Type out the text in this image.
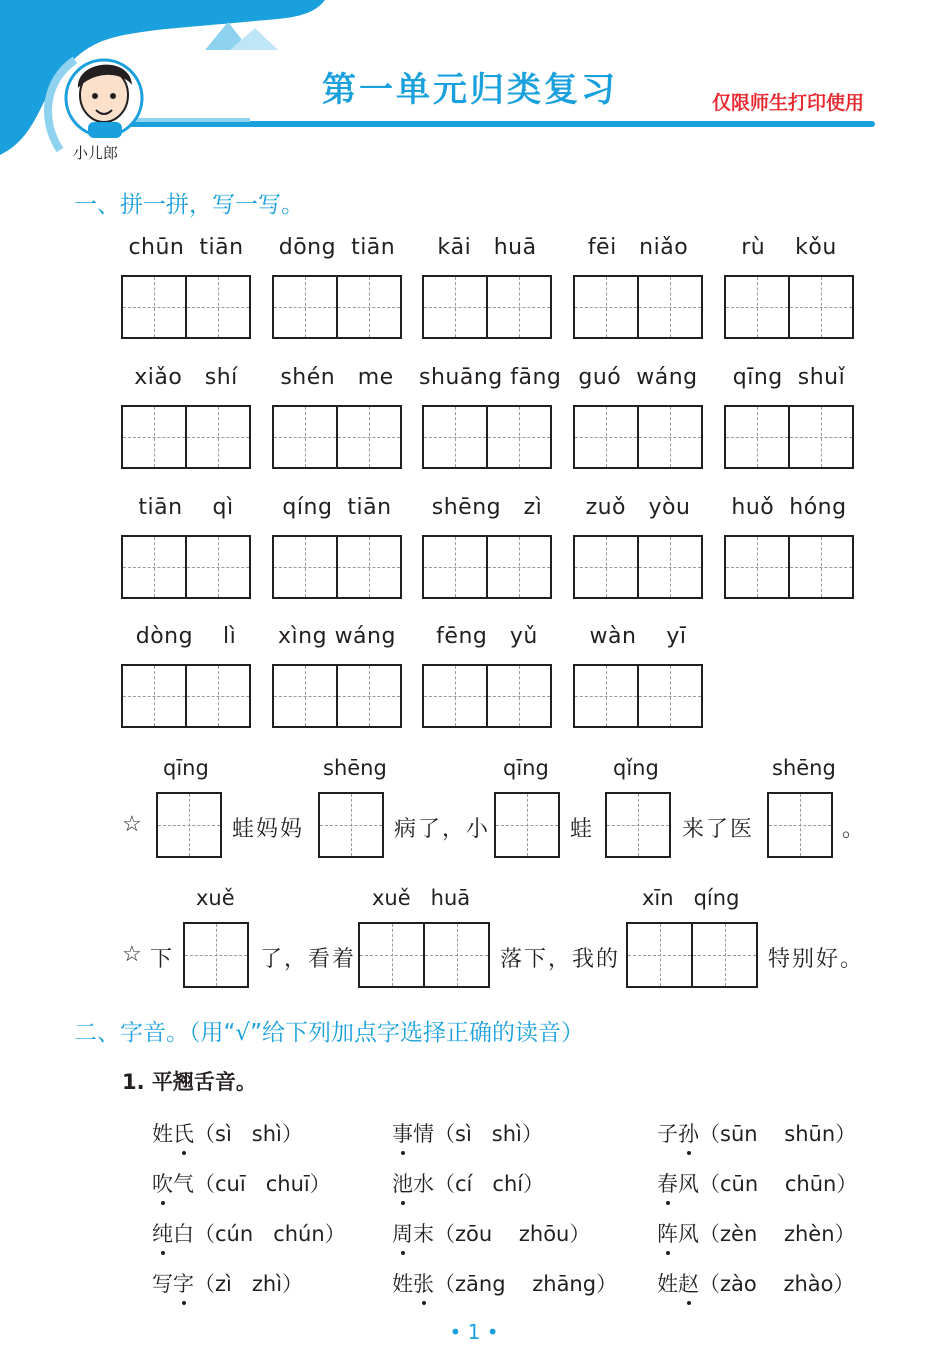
第一单元归类复习	仅限师生打印使用
小儿郎
一、拼一拼，写一写。
chūn  tiān	dōng  tiān	kāi   huā	fēi   niǎo	rù    kǒu
xiǎo   shí	shén   me	shuāng fāng guó  wáng	qīng  shuǐ
tiān    qì	qíng  tiān	shēng   zì	zuǒ   yòu	huǒ  hóng
dòng    lì	xìng wáng	fēng   yǔ	wàn    yī
☆
qīng
蛙妈妈
shēng
病了，小
qīng
蛙
qǐng
来了医
shēng
。
☆ 下
xuě
了，看着
xuě   huā
落下，我的
xīn   qíng
特别好。
二、字音。（用“√”给下列加点字选择正确的读音）
1. 平翘舌音。
姓氏（sì   shì）	事情（sì   shì）	子孙（sūn    shūn）
吹气（cuī   chuī）	池水（cí   chí）	春风（cūn    chūn）
纯白（cún   chún） 周末（zōu    zhōu）	阵风（zèn    zhèn）
写字（zì   zhì）	姓张（zāng    zhāng） 姓赵（zào    zhào）
• 1 •
